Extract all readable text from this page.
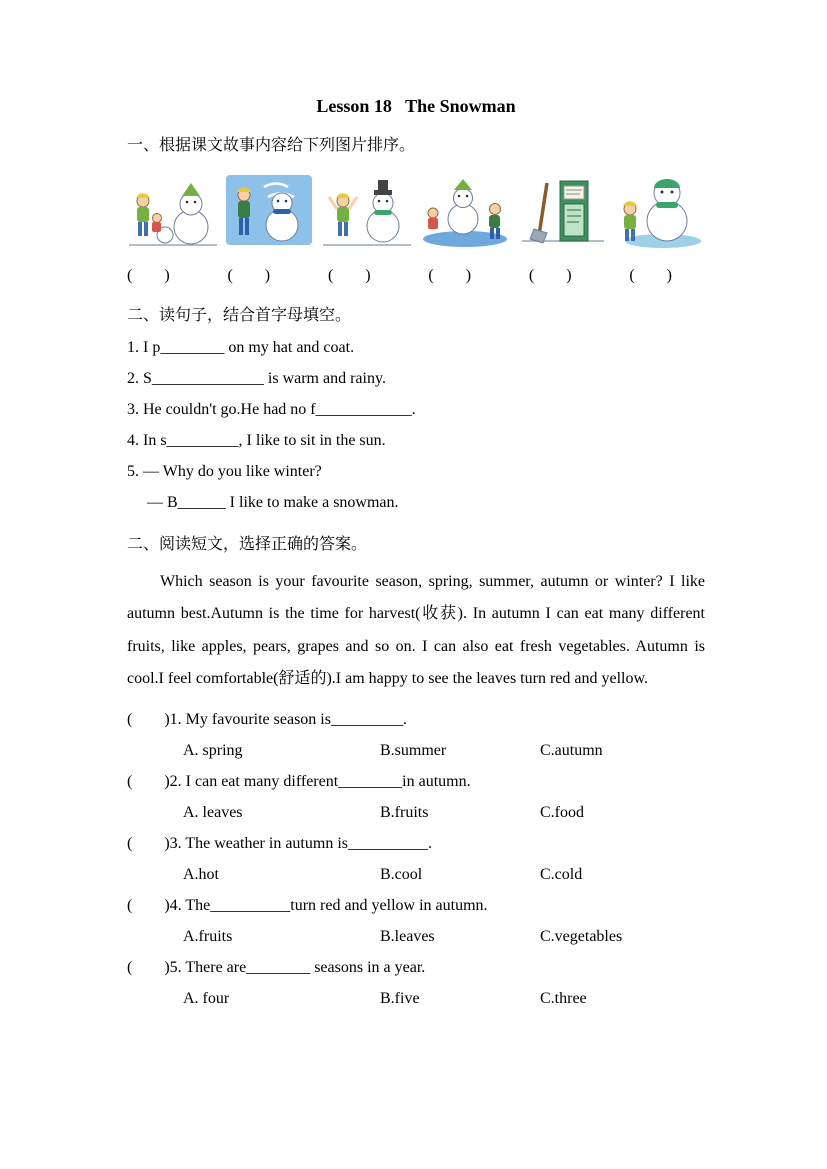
Lesson 18   The Snowman
一、根据课文故事内容给下列图片排序。
(        )	(        )	(        )	(        )	(        )	(        )
二、读句子，结合首字母填空。
1. I p________ on my hat and coat.
2. S______________ is warm and rainy.
3. He couldn't go.He had no f____________.
4. In s_________, I like to sit in the sun.
5. — Why do you like winter?
— B______ I like to make a snowman.
二、阅读短文，选择正确的答案。

Which season is your favourite season, spring, summer, autumn or winter? I like autumn best.Autumn is the time for harvest(收获). In autumn I can eat many different fruits, like apples, pears, grapes and so on. I can also eat fresh vegetables. Autumn is cool.I feel comfortable(舒适的).I am happy to see the leaves turn red and yellow.

(        )1. My favourite season is_________.
A. spring	B.summer	C.autumn
(        )2. I can eat many different________in autumn.
A. leaves	B.fruits	C.food
(        )3. The weather in autumn is__________.
A.hot	B.cool	C.cold
(        )4. The__________turn red and yellow in autumn.
A.fruits	B.leaves	C.vegetables
(        )5. There are________ seasons in a year.
A. four	B.five	C.three
